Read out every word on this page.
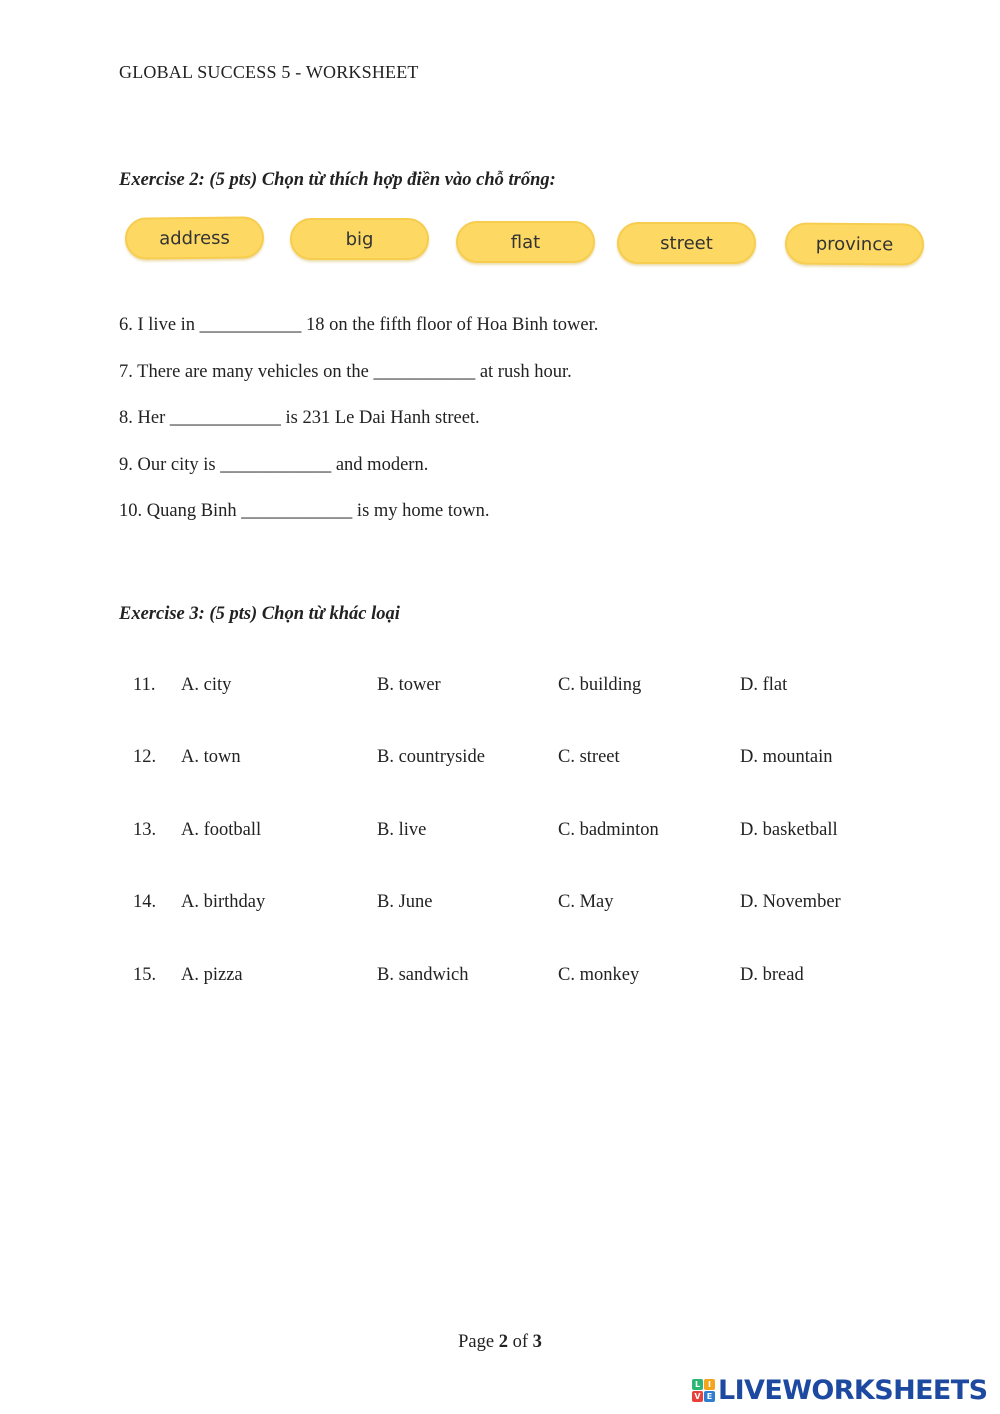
GLOBAL SUCCESS 5 - WORKSHEET
Exercise 2: (5 pts) Chọn từ thích hợp điền vào chỗ trống:
address	big	flat	street	province
6. I live in ___________ 18 on the fifth floor of Hoa Binh tower.
7. There are many vehicles on the ___________ at rush hour.
8. Her ____________ is 231 Le Dai Hanh street.
9. Our city is ____________ and modern.
10. Quang Binh ____________ is my home town.
Exercise 3: (5 pts) Chọn từ khác loại
11. A. city	B. tower	C. building	D. flat
12. A. town	B. countryside	C. street	D. mountain
13. A. football	B. live	C. badminton	D. basketball
14. A. birthday	B. June	C. May	D. November
15. A. pizza	B. sandwich	C. monkey	D. bread
Page 2 of 3
L I
V E LIVEWORKSHEETS
